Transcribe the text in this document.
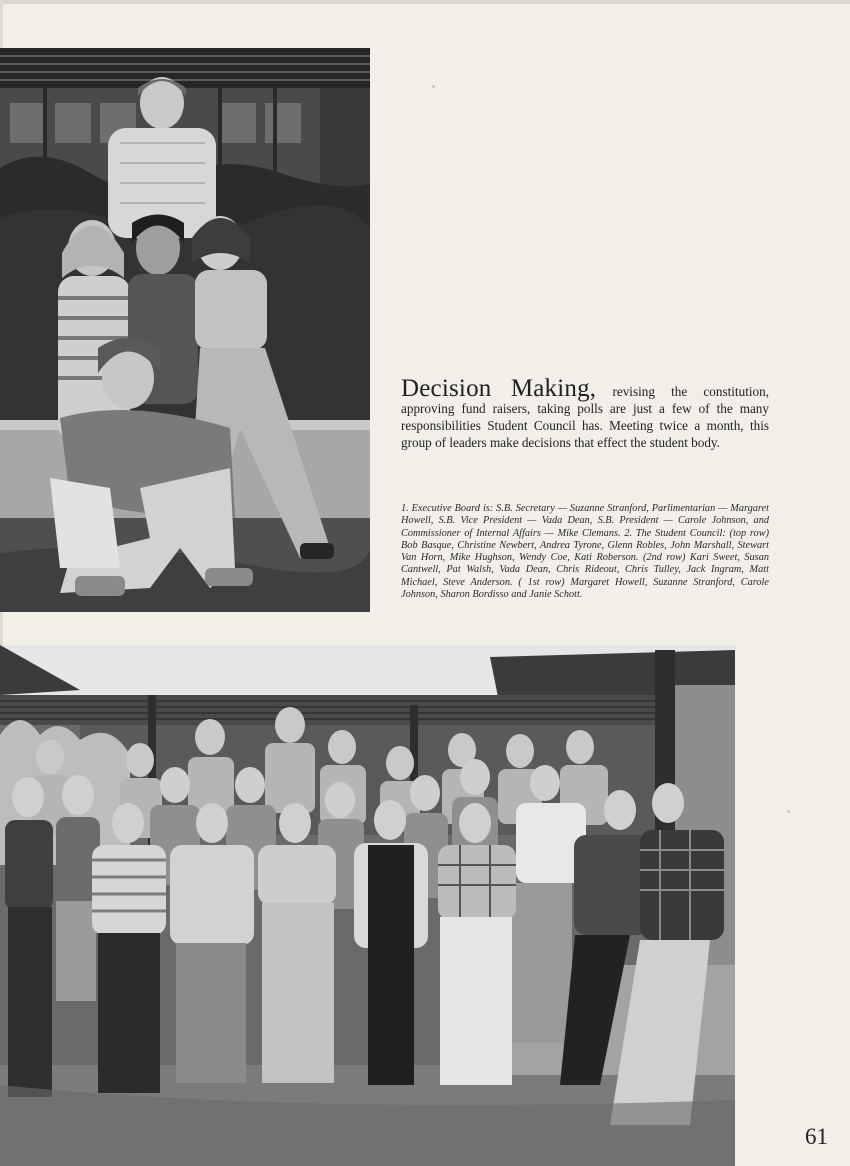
Decision Making, revising the constitution, approving fund raisers, taking polls are just a few of the many responsibilities Student Council has. Meeting twice a month, this group of leaders make decisions that effect the student body.
1. Executive Board is: S.B. Secretary — Suzanne Stranford, Parlimentarian — Margaret Howell, S.B. Vice President — Vada Dean, S.B. President — Carole Johnson, and Commissioner of Internal Affairs — Mike Clemans. 2. The Student Council: (top row) Bob Basque, Christine Newbert, Andrea Tyrone, Glenn Robles, John Marshall, Stewart Van Horn, Mike Hughson, Wendy Coe, Kati Roberson. (2nd row) Kari Sweet, Susan Cantwell, Pat Walsh, Vada Dean, Chris Rideout, Chris Tulley, Jack Ingram, Matt Michael, Steve Anderson. ( 1st row) Margaret Howell, Suzanne Stranford, Carole Johnson, Sharon Bordisso and Janie Schott.
61
